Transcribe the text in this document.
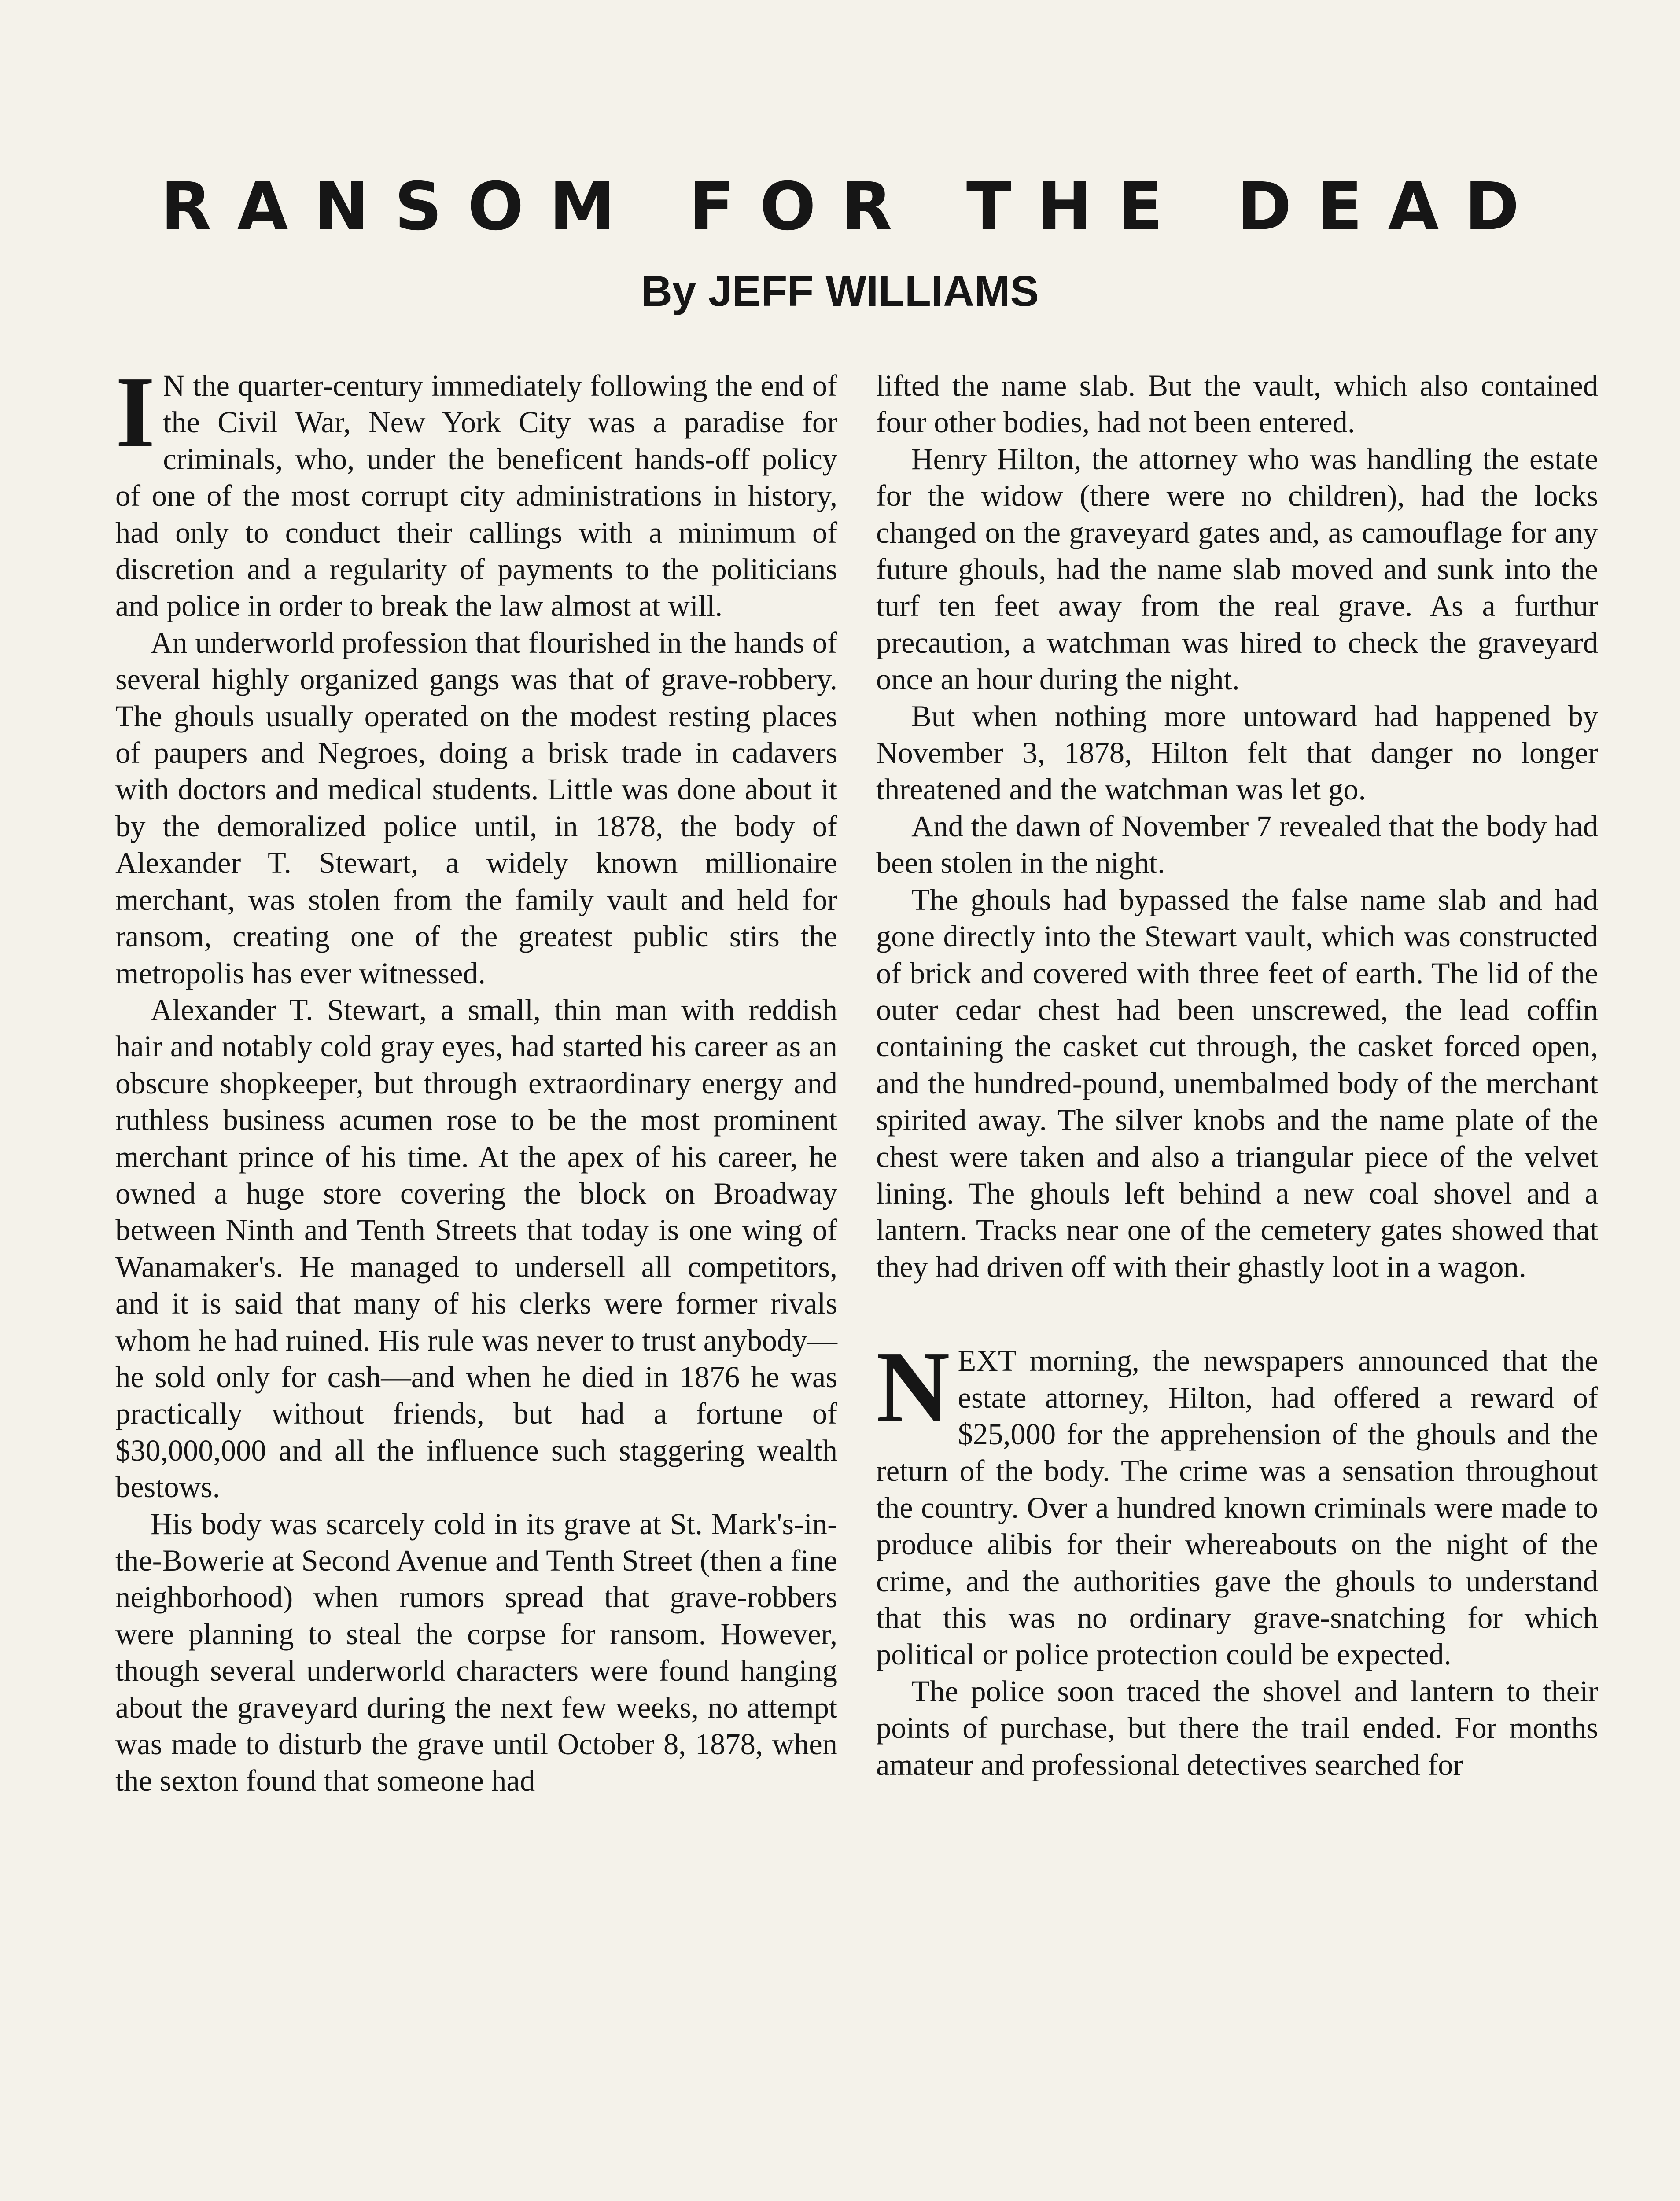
RANSOM FOR THE DEAD
By JEFF WILLIAMS

I N the quarter-century immediately following the end of the Civil War, New York City was a paradise for criminals, who, under the beneficent hands-off policy of one of the most corrupt city administrations in history, had only to conduct their callings with a minimum of discretion and a regularity of payments to the politicians and police in order to break the law almost at will.

An underworld profession that flourished in the hands of several highly organized gangs was that of grave-robbery. The ghouls usually operated on the modest resting places of paupers and Negroes, doing a brisk trade in cadavers with doctors and medical students. Little was done about it by the demoralized police until, in 1878, the body of Alexander T. Stewart, a widely known millionaire merchant, was stolen from the family vault and held for ransom, creating one of the greatest public stirs the metropolis has ever witnessed.

Alexander T. Stewart, a small, thin man with reddish hair and notably cold gray eyes, had started his career as an obscure shopkeeper, but through extraordinary energy and ruthless business acumen rose to be the most prominent merchant prince of his time. At the apex of his career, he owned a huge store covering the block on Broadway between Ninth and Tenth Streets that today is one wing of Wanamaker's. He managed to undersell all competitors, and it is said that many of his clerks were former rivals whom he had ruined. His rule was never to trust anybody—he sold only for cash—and when he died in 1876 he was practically without friends, but had a fortune of $30,000,000 and all the influence such staggering wealth bestows.

His body was scarcely cold in its grave at St. Mark's-in-the-Bowerie at Second Avenue and Tenth Street (then a fine neighborhood) when rumors spread that grave-robbers were planning to steal the corpse for ransom. However, though several underworld characters were found hanging about the graveyard during the next few weeks, no attempt was made to disturb the grave until October 8, 1878, when the sexton found that someone had

lifted the name slab. But the vault, which also contained four other bodies, had not been entered.

Henry Hilton, the attorney who was handling the estate for the widow (there were no children), had the locks changed on the graveyard gates and, as camouflage for any future ghouls, had the name slab moved and sunk into the turf ten feet away from the real grave. As a furthur precaution, a watchman was hired to check the graveyard once an hour during the night.

But when nothing more untoward had happened by November 3, 1878, Hilton felt that danger no longer threatened and the watchman was let go.

And the dawn of November 7 revealed that the body had been stolen in the night.

The ghouls had bypassed the false name slab and had gone directly into the Stewart vault, which was constructed of brick and covered with three feet of earth. The lid of the outer cedar chest had been unscrewed, the lead coffin containing the casket cut through, the casket forced open, and the hundred-pound, unembalmed body of the merchant spirited away. The silver knobs and the name plate of the chest were taken and also a triangular piece of the velvet lining. The ghouls left behind a new coal shovel and a lantern. Tracks near one of the cemetery gates showed that they had driven off with their ghastly loot in a wagon.

NEXT morning, the newspapers announced that the estate attorney, Hilton, had offered a reward of $25,000 for the apprehension of the ghouls and the return of the body. The crime was a sensation throughout the country. Over a hundred known criminals were made to produce alibis for their whereabouts on the night of the crime, and the authorities gave the ghouls to understand that this was no ordinary grave-snatching for which political or police protection could be expected.

The police soon traced the shovel and lantern to their points of purchase, but there the trail ended. For months amateur and professional detectives searched for
